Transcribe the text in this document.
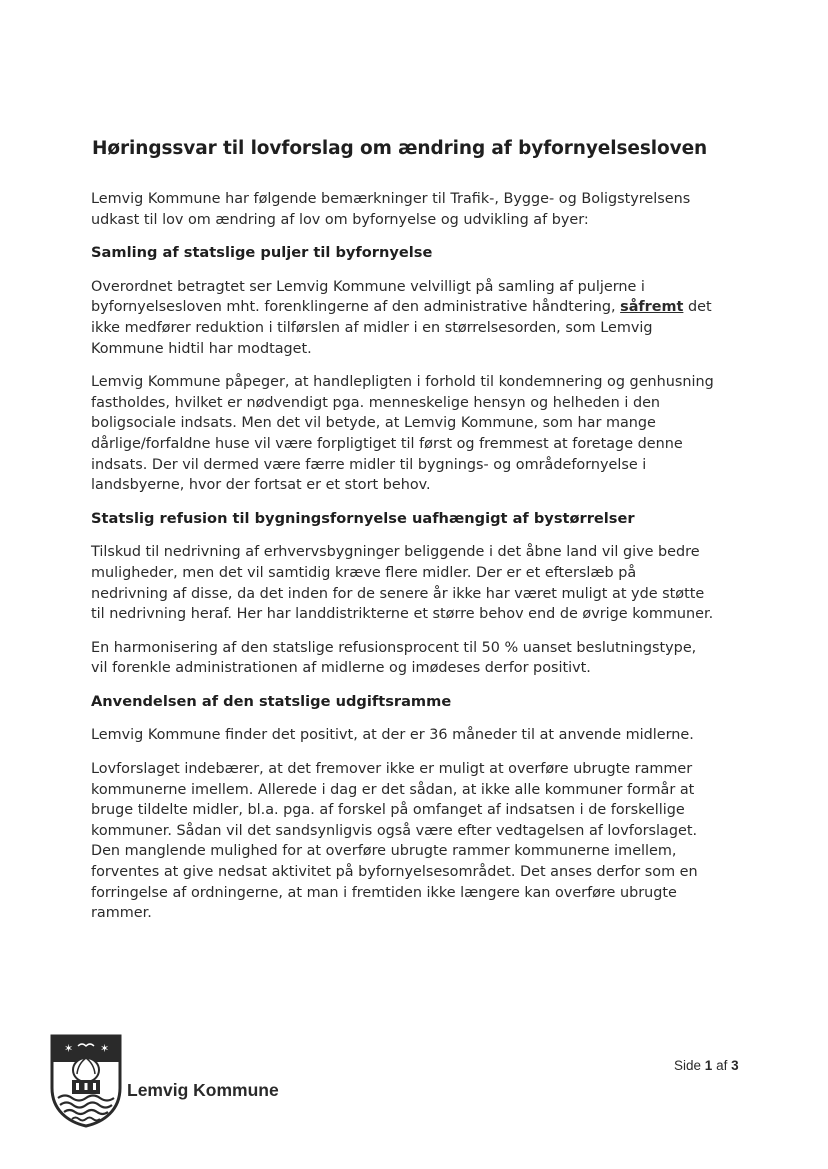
Høringssvar til lovforslag om ændring af byfornyelsesloven

Lemvig Kommune har følgende bemærkninger til Trafik-, Bygge- og Boligstyrelsens
udkast til lov om ændring af lov om byfornyelse og udvikling af byer:

Samling af statslige puljer til byfornyelse

Overordnet betragtet ser Lemvig Kommune velvilligt på samling af puljerne i
byfornyelsesloven mht. forenklingerne af den administrative håndtering, såfremt det
ikke medfører reduktion i tilførslen af midler i en størrelsesorden, som Lemvig
Kommune hidtil har modtaget.

Lemvig Kommune påpeger, at handlepligten i forhold til kondemnering og genhusning
fastholdes, hvilket er nødvendigt pga. menneskelige hensyn og helheden i den
boligsociale indsats. Men det vil betyde, at Lemvig Kommune, som har mange
dårlige/forfaldne huse vil være forpligtiget til først og fremmest at foretage denne
indsats. Der vil dermed være færre midler til bygnings- og områdefornyelse i
landsbyerne, hvor der fortsat er et stort behov.

Statslig refusion til bygningsfornyelse uafhængigt af bystørrelser

Tilskud til nedrivning af erhvervsbygninger beliggende i det åbne land vil give bedre
muligheder, men det vil samtidig kræve flere midler. Der er et efterslæb på
nedrivning af disse, da det inden for de senere år ikke har været muligt at yde støtte
til nedrivning heraf. Her har landdistrikterne et større behov end de øvrige kommuner.

En harmonisering af den statslige refusionsprocent til 50 % uanset beslutningstype,
vil forenkle administrationen af midlerne og imødeses derfor positivt.

Anvendelsen af den statslige udgiftsramme

Lemvig Kommune finder det positivt, at der er 36 måneder til at anvende midlerne.

Lovforslaget indebærer, at det fremover ikke er muligt at overføre ubrugte rammer
kommunerne imellem. Allerede i dag er det sådan, at ikke alle kommuner formår at
bruge tildelte midler, bl.a. pga. af forskel på omfanget af indsatsen i de forskellige
kommuner. Sådan vil det sandsynligvis også være efter vedtagelsen af lovforslaget.
Den manglende mulighed for at overføre ubrugte rammer kommunerne imellem,
forventes at give nedsat aktivitet på byfornyelsesområdet. Det anses derfor som en
forringelse af ordningerne, at man i fremtiden ikke længere kan overføre ubrugte
rammer.

✶ ✶
Lemvig Kommune
Side 1 af 3
